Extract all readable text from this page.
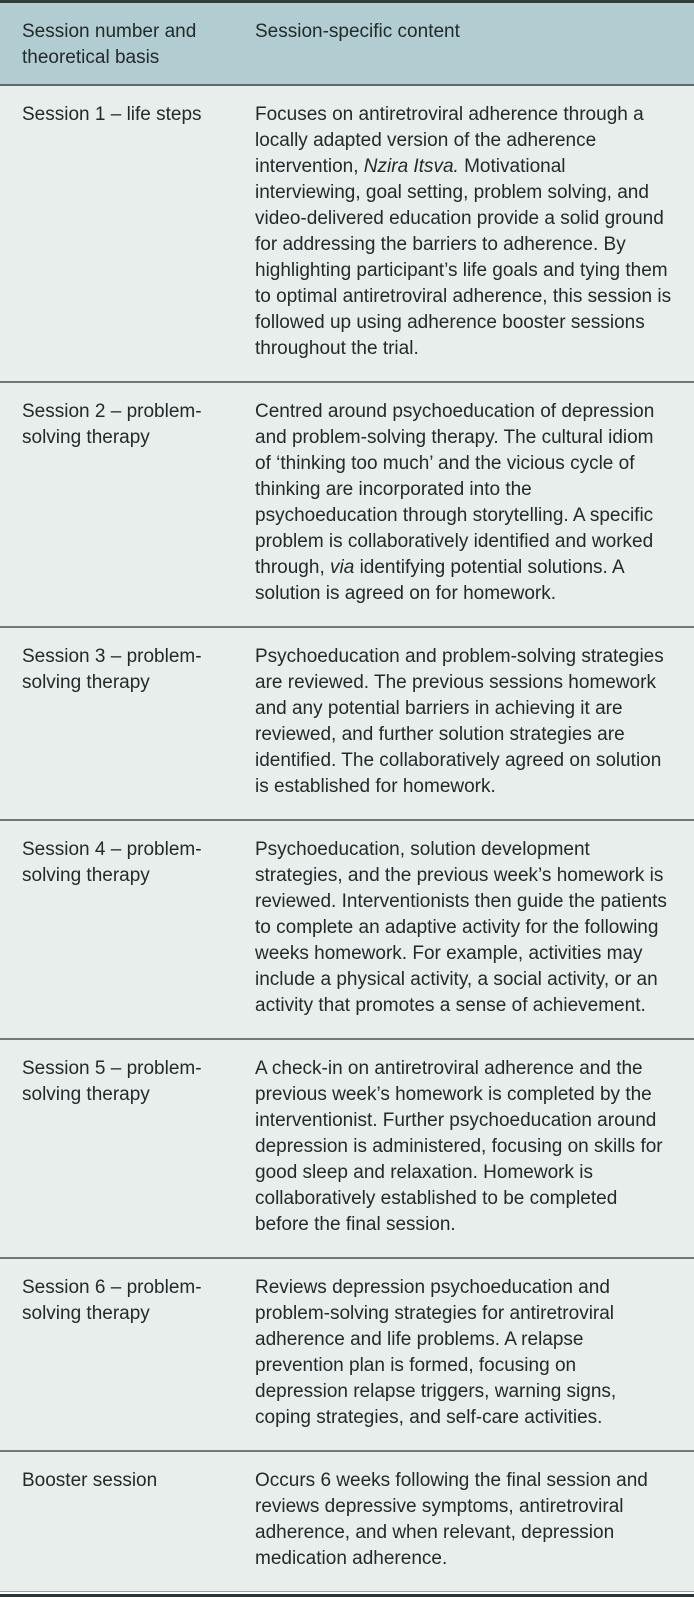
Session number and theoretical basis	Session-specific content
Session 1 – life steps	Focuses on antiretroviral adherence through a locally adapted version of the adherence intervention, Nzira Itsva. Motivational interviewing, goal setting, problem solving, and video-delivered education provide a solid ground for addressing the barriers to adherence. By highlighting participant’s life goals and tying them to optimal antiretroviral adherence, this session is followed up using adherence booster sessions throughout the trial.
Session 2 – problem-solving therapy	Centred around psychoeducation of depression and problem-solving therapy. The cultural idiom of ‘thinking too much’ and the vicious cycle of thinking are incorporated into the psychoeducation through storytelling. A specific problem is collaboratively identified and worked through, via identifying potential solutions. A solution is agreed on for homework.
Session 3 – problem-solving therapy	Psychoeducation and problem-solving strategies are reviewed. The previous sessions homework and any potential barriers in achieving it are reviewed, and further solution strategies are identified. The collaboratively agreed on solution is established for homework.
Session 4 – problem-solving therapy	Psychoeducation, solution development strategies, and the previous week’s homework is reviewed. Interventionists then guide the patients to complete an adaptive activity for the following weeks homework. For example, activities may include a physical activity, a social activity, or an activity that promotes a sense of achievement.
Session 5 – problem-solving therapy	A check-in on antiretroviral adherence and the previous week’s homework is completed by the interventionist. Further psychoeducation around depression is administered, focusing on skills for good sleep and relaxation. Homework is collaboratively established to be completed before the final session.
Session 6 – problem-solving therapy	Reviews depression psychoeducation and problem-solving strategies for antiretroviral adherence and life problems. A relapse prevention plan is formed, focusing on depression relapse triggers, warning signs, coping strategies, and self-care activities.
Booster session	Occurs 6 weeks following the final session and reviews depressive symptoms, antiretroviral adherence, and when relevant, depression medication adherence.
